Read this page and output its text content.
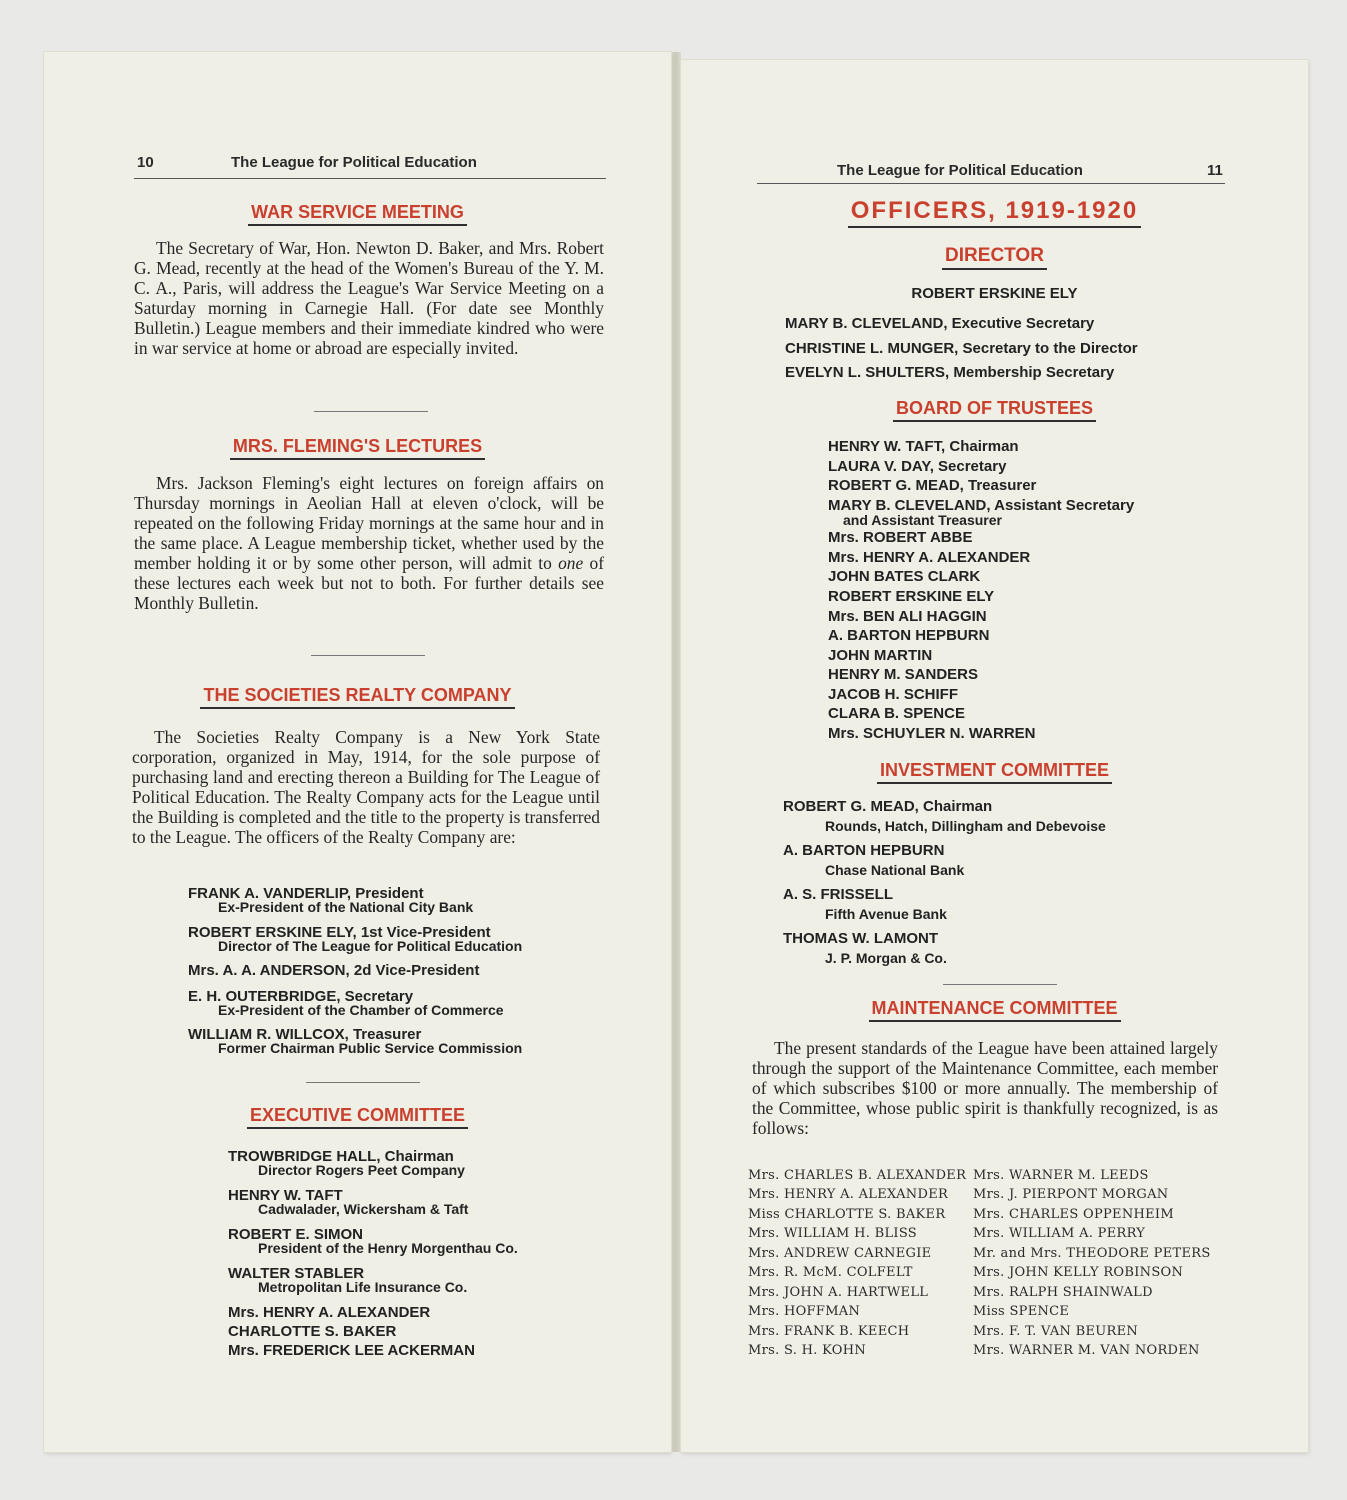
10	The League for Political Education
WAR SERVICE MEETING

The Secretary of War, Hon. Newton D. Baker, and Mrs. Robert G. Mead, recently at the head of the Women's Bureau of the Y. M. C. A., Paris, will address the League's War Service Meeting on a Saturday morning in Carnegie Hall. (For date see Monthly Bulletin.) League members and their immediate kindred who were in war service at home or abroad are especially invited.

MRS. FLEMING'S LECTURES

Mrs. Jackson Fleming's eight lectures on foreign affairs on Thursday mornings in Aeolian Hall at eleven o'clock, will be repeated on the following Friday mornings at the same hour and in the same place. A League membership ticket, whether used by the member holding it or by some other person, will admit to one of these lectures each week but not to both. For further details see Monthly Bulletin.

THE SOCIETIES REALTY COMPANY

The Societies Realty Company is a New York State corporation, organized in May, 1914, for the sole purpose of purchasing land and erecting thereon a Building for The League of Political Education. The Realty Company acts for the League until the Building is completed and the title to the property is transferred to the League. The officers of the Realty Company are:

FRANK A. VANDERLIP, President
Ex-President of the National City Bank
ROBERT ERSKINE ELY, 1st Vice-President
Director of The League for Political Education
Mrs. A. A. ANDERSON, 2d Vice-President
E. H. OUTERBRIDGE, Secretary
Ex-President of the Chamber of Commerce
WILLIAM R. WILLCOX, Treasurer
Former Chairman Public Service Commission
EXECUTIVE COMMITTEE
TROWBRIDGE HALL, Chairman
Director Rogers Peet Company
HENRY W. TAFT
Cadwalader, Wickersham & Taft
ROBERT E. SIMON
President of the Henry Morgenthau Co.
WALTER STABLER
Metropolitan Life Insurance Co.
Mrs. HENRY A. ALEXANDER
CHARLOTTE S. BAKER
Mrs. FREDERICK LEE ACKERMAN
The League for Political Education	11
OFFICERS, 1919-1920
DIRECTOR
ROBERT ERSKINE ELY
MARY B. CLEVELAND, Executive Secretary
CHRISTINE L. MUNGER, Secretary to the Director
EVELYN L. SHULTERS, Membership Secretary
BOARD OF TRUSTEES
HENRY W. TAFT, Chairman
LAURA V. DAY, Secretary
ROBERT G. MEAD, Treasurer
MARY B. CLEVELAND, Assistant Secretary
and Assistant Treasurer
Mrs. ROBERT ABBE
Mrs. HENRY A. ALEXANDER
JOHN BATES CLARK
ROBERT ERSKINE ELY
Mrs. BEN ALI HAGGIN
A. BARTON HEPBURN
JOHN MARTIN
HENRY M. SANDERS
JACOB H. SCHIFF
CLARA B. SPENCE
Mrs. SCHUYLER N. WARREN
INVESTMENT COMMITTEE
ROBERT G. MEAD, Chairman
Rounds, Hatch, Dillingham and Debevoise
A. BARTON HEPBURN
Chase National Bank
A. S. FRISSELL
Fifth Avenue Bank
THOMAS W. LAMONT
J. P. Morgan & Co.
MAINTENANCE COMMITTEE

The present standards of the League have been attained largely through the support of the Maintenance Committee, each member of which subscribes $100 or more annually. The membership of the Committee, whose public spirit is thankfully recognized, is as follows:

Mrs. CHARLES B. ALEXANDER
Mrs. HENRY A. ALEXANDER
Miss CHARLOTTE S. BAKER
Mrs. WILLIAM H. BLISS
Mrs. ANDREW CARNEGIE
Mrs. R. McM. COLFELT
Mrs. JOHN A. HARTWELL
Mrs. HOFFMAN
Mrs. FRANK B. KEECH
Mrs. S. H. KOHN
Mrs. WARNER M. LEEDS
Mrs. J. PIERPONT MORGAN
Mrs. CHARLES OPPENHEIM
Mrs. WILLIAM A. PERRY
Mr. and Mrs. THEODORE PETERS
Mrs. JOHN KELLY ROBINSON
Mrs. RALPH SHAINWALD
Miss SPENCE
Mrs. F. T. VAN BEUREN
Mrs. WARNER M. VAN NORDEN
